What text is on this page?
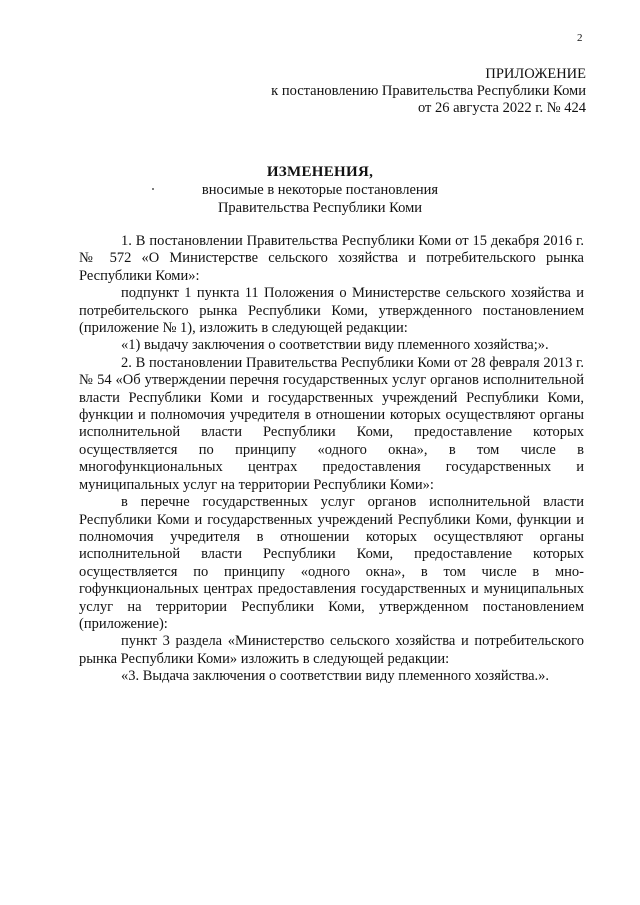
2
ПРИЛОЖЕНИЕ
к постановлению Правительства Республики Коми
от 26 августа 2022 г. № 424
ИЗМЕНЕНИЯ,
вносимые в некоторые постановления
Правительства Республики Коми

1. В постановлении Правительства Республики Коми от 15 декабря 2016 г. № 572 «О Министерстве сельского хозяйства и потребительского рынка Республики Коми»:

подпункт 1 пункта 11 Положения о Министерстве сельского хозяйства и потребительского рынка Республики Коми, утвержденного постановлением (приложение № 1), изложить в следующей редакции:

«1) выдачу заключения о соответствии виду племенного хозяйства;».

2. В постановлении Правительства Республики Коми от 28 февраля 2013 г. № 54 «Об утверждении перечня государственных услуг органов исполнительной власти Республики Коми и государственных учреждений Республики Коми, функции и полномочия учредителя в отношении которых осуществляют органы исполнительной власти Республики Коми, предоставление которых осуществляется по принципу «одного окна», в том числе в многофункциональных центрах предоставления государственных и муниципальных услуг на территории Республики Коми»:

в перечне государственных услуг органов исполнительной власти Республики Коми и государственных учреждений Республики Коми, функции и полномочия учредителя в отношении которых осуществляют органы исполнительной власти Республики Коми, предоставление которых осуществляется по принципу «одного окна», в том числе в многофункциональных центрах предоставления государственных и муниципальных услуг на территории Республики Коми, утвержденном постановлением (приложение):

пункт 3 раздела «Министерство сельского хозяйства и потребительского рынка Республики Коми» изложить в следующей редакции:

«3. Выдача заключения о соответствии виду племенного хозяйства.».
